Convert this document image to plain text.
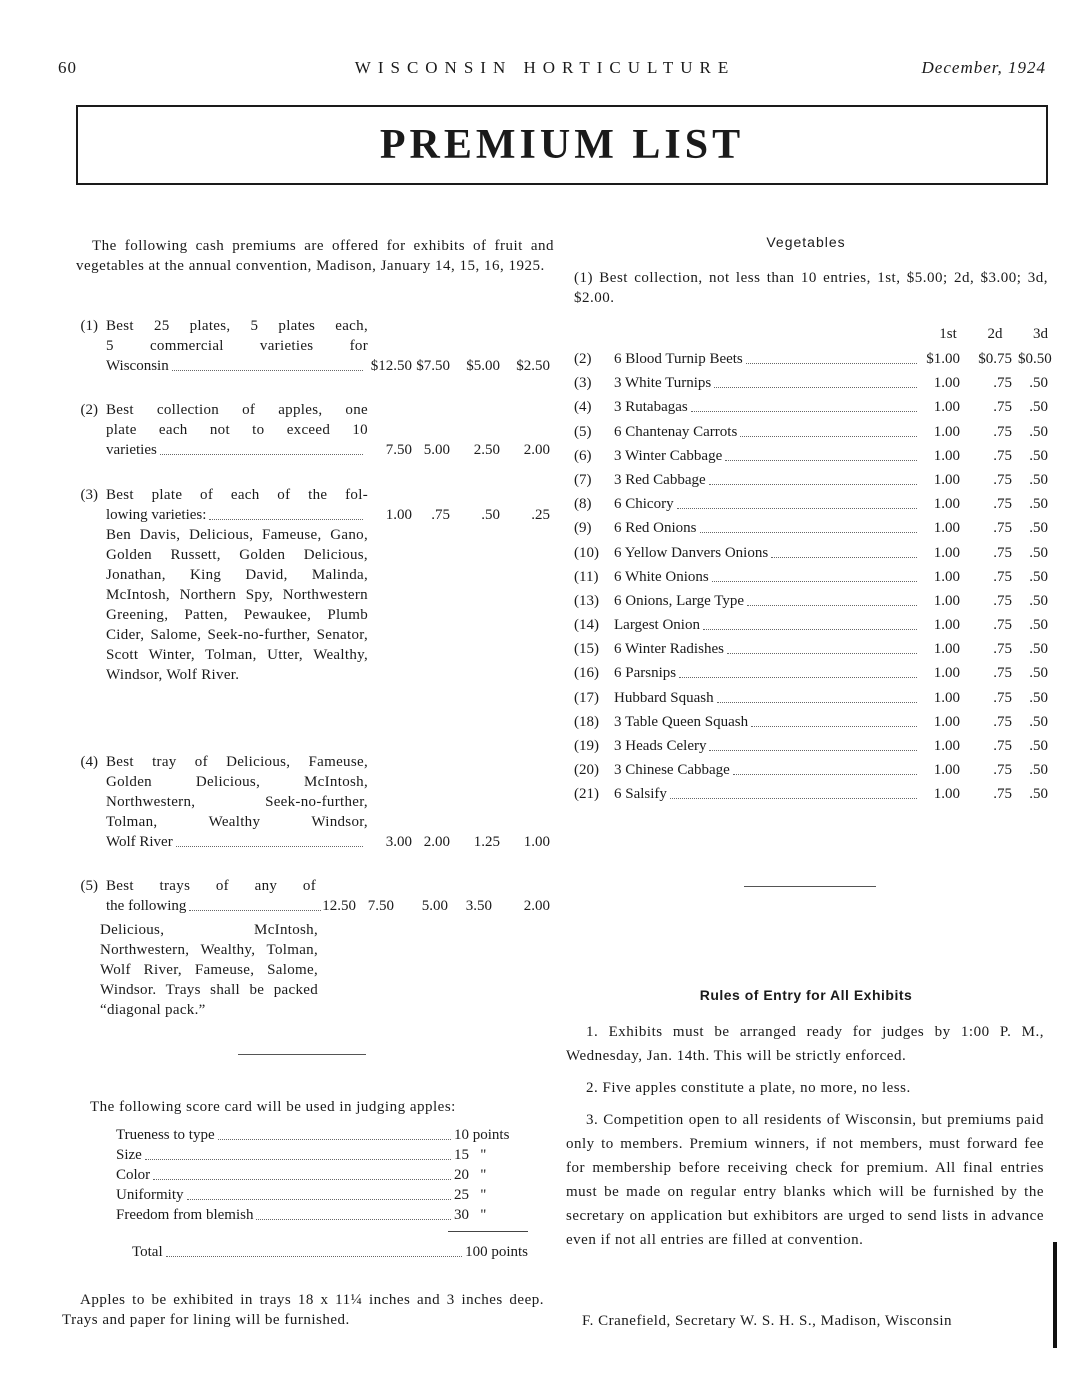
60	WISCONSIN HORTICULTURE	December, 1924
PREMIUM LIST
The following cash premiums are offered for exhibits of fruit and vegetables at the annual convention, Madison, January 14, 15, 16, 1925.
(1) Best 25 plates, 5 plates each,
5 commercial varieties for
Wisconsin	$12.50 $7.50 $5.00 $2.50
(2) Best collection of apples, one
plate each not to exceed 10
varieties	7.50 5.00	2.50	2.00
(3) Best plate of each of the fol-
lowing varieties:	1.00	.75	.50	.25
Ben Davis, Delicious, Fameuse, Gano, Golden Russett, Golden Delicious, Jonathan, King David, Malinda, McIntosh, Northern Spy, Northwestern Greening, Patten, Pewaukee, Plumb Cider, Salome, Seek-no-further, Senator, Scott Winter, Tolman, Utter, Wealthy, Windsor, Wolf River.
(4) Best tray of Delicious, Fameuse,
Golden Delicious, McIntosh,
Northwestern, Seek-no-further,
Tolman, Wealthy Windsor,
Wolf River	3.00 2.00	1.25	1.00
(5) Best trays of any of
the following	12.50 7.50	5.00	3.50	2.00
Delicious, McIntosh, Northwestern, Wealthy, Tolman, Wolf River, Fameuse, Salome, Windsor. Trays shall be packed “diagonal pack.”
The following score card will be used in judging apples:
Trueness to type	10 points
Size	15   "
Color	20   "
Uniformity	25   "
Freedom from blemish	30   "
Total	100 points
Apples to be exhibited in trays 18 x 11¼ inches and 3 inches deep. Trays and paper for lining will be furnished.
Vegetables
(1) Best collection, not less than 10 entries, 1st, $5.00; 2d, $3.00; 3d, $2.00.
1st	2d	3d
(2)	6 Blood Turnip Beets	$1.00	$0.75 $0.50
(3)	3 White Turnips	1.00	.75	.50
(4)	3 Rutabagas	1.00	.75	.50
(5)	6 Chantenay Carrots	1.00	.75	.50
(6)	3 Winter Cabbage	1.00	.75	.50
(7)	3 Red Cabbage	1.00	.75	.50
(8)	6 Chicory	1.00	.75	.50
(9)	6 Red Onions	1.00	.75	.50
(10)	6 Yellow Danvers Onions	1.00	.75	.50
(11)	6 White Onions	1.00	.75	.50
(13)	6 Onions, Large Type	1.00	.75	.50
(14)	Largest Onion	1.00	.75	.50
(15)	6 Winter Radishes	1.00	.75	.50
(16)	6 Parsnips	1.00	.75	.50
(17)	Hubbard Squash	1.00	.75	.50
(18)	3 Table Queen Squash	1.00	.75	.50
(19)	3 Heads Celery	1.00	.75	.50
(20)	3 Chinese Cabbage	1.00	.75	.50
(21)	6 Salsify	1.00	.75	.50
Rules of Entry for All Exhibits
1. Exhibits must be arranged ready for judges by 1:00 P. M., Wednesday, Jan. 14th. This will be strictly enforced.
2. Five apples constitute a plate, no more, no less.
3. Competition open to all residents of Wisconsin, but premiums paid only to members. Premium winners, if not members, must forward fee for membership before receiving check for premium. All final entries must be made on regular entry blanks which will be furnished by the secretary on application but exhibitors are urged to send lists in advance even if not all entries are filled at convention.
F. Cranefield, Secretary W. S. H. S., Madison, Wisconsin
